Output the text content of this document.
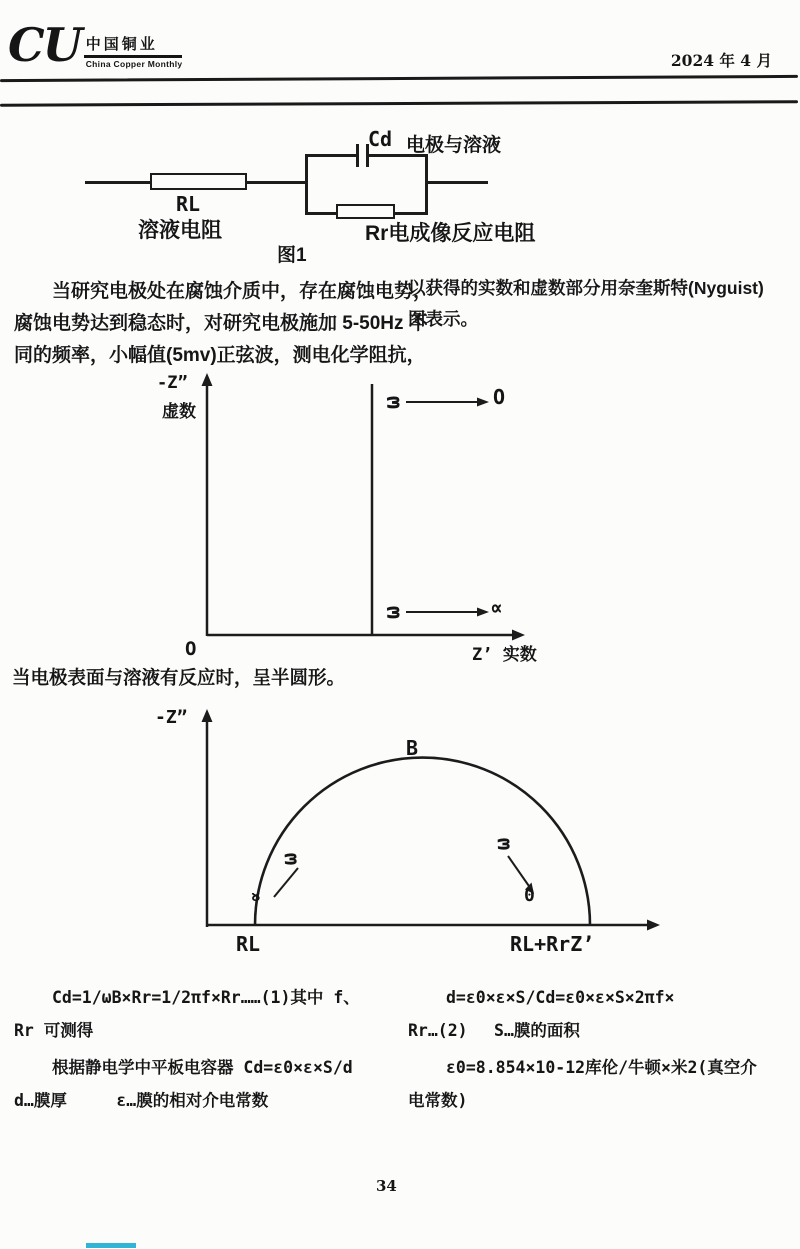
CU 中国铜业
China Copper Monthly	2024 年 4 月
Cd 电极与溶液
RL
溶液电阻	Rr电成像反应电阻
图1
当研究电极处在腐蚀介质中，存在腐蚀电势，
腐蚀电势达到稳态时，对研究电极施加 5-50Hz 不
同的频率，小幅值(5mv)正弦波，测电化学阻抗，
以获得的实数和虚数部分用奈奎斯特(Nyguist)
图表示。
-Z”
虚数	ω	O
ω	∝
O	Z’ 实数
当电极表面与溶液有反应时，呈半圆形。
-Z”
B
ω
∝
ω
0
RL	RL+RrZ’
Cd=1/ωB×Rr=1/2πf×Rr……(1)其中 f、
Rr 可测得
根据静电学中平板电容器 Cd=ε0×ε×S/d
d…膜厚　　　ε…膜的相对介电常数
d=ε0×ε×S/Cd=ε0×ε×S×2πf×
Rr…(2)　 S…膜的面积
ε0=8.854×10-12库伦/牛顿×米2(真空介
电常数)
34
